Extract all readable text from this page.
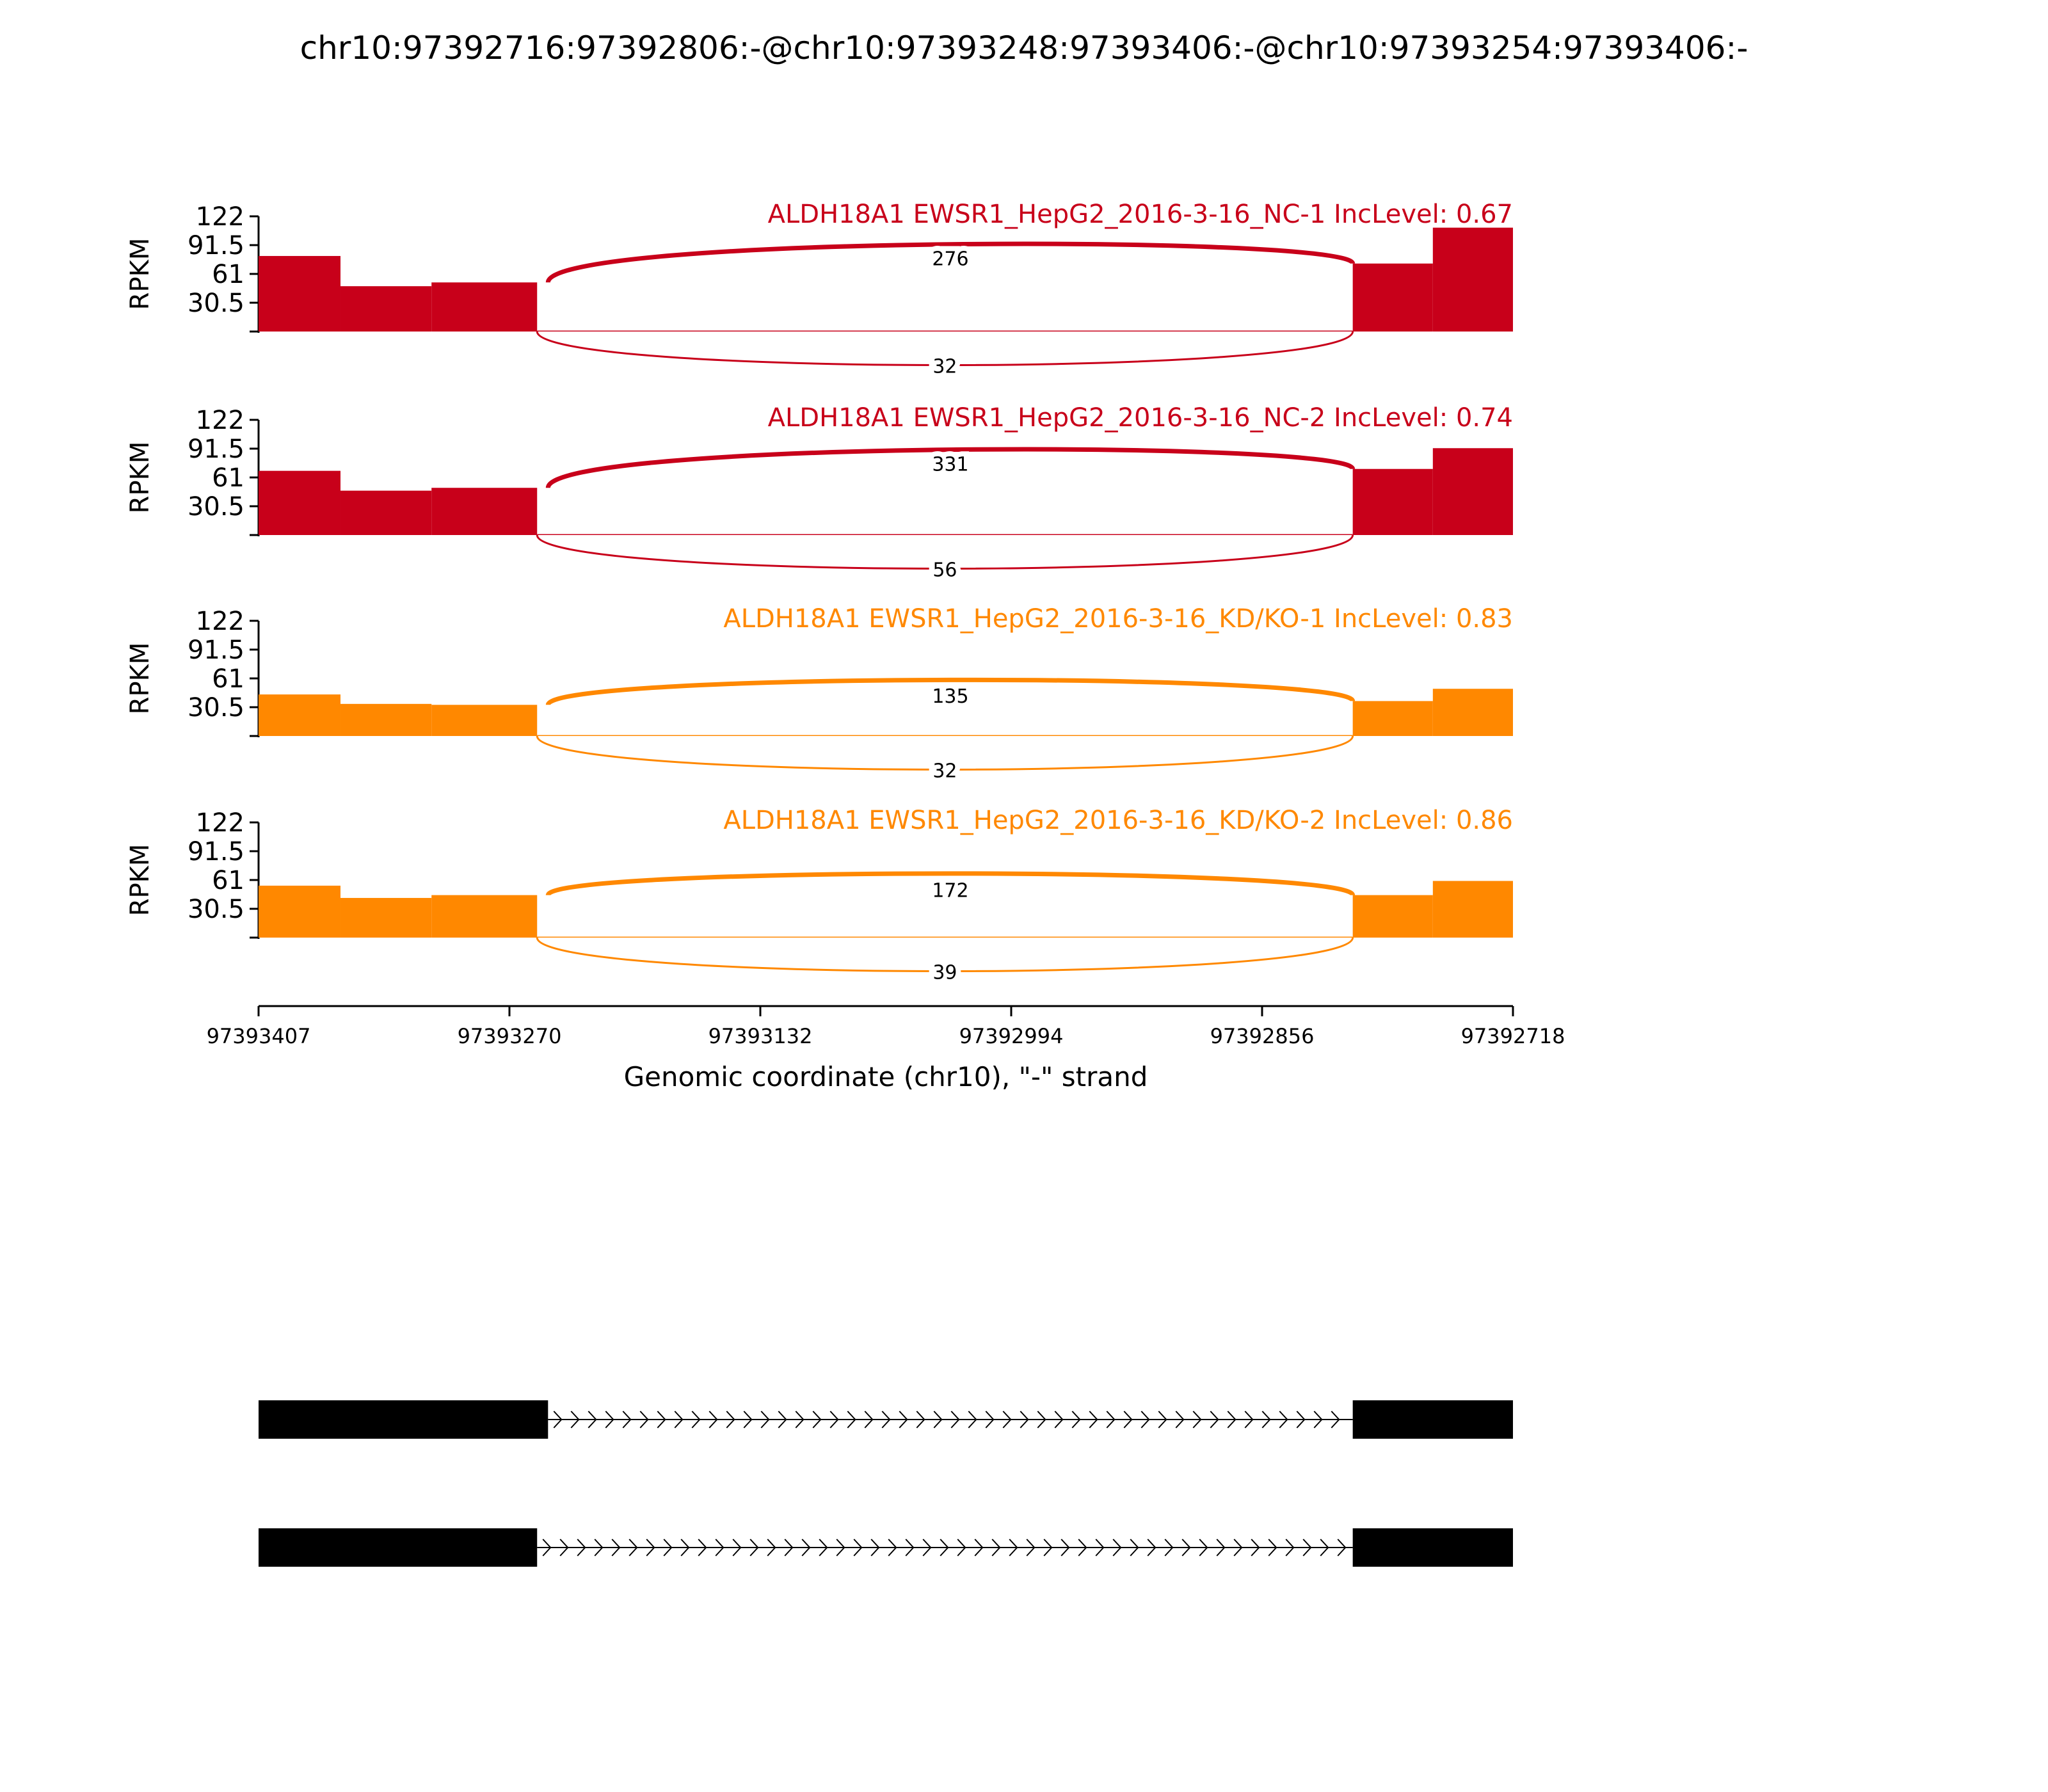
chr10:97392716:97392806:-@chr10:97393248:97393406:-@chr10:97393254:97393406:-
122
91.5
61
30.5
RPKM	276
32
ALDH18A1 EWSR1_HepG2_2016-3-16_NC-1 IncLevel: 0.67
122
91.5
61
30.5
RPKM	331
56
ALDH18A1 EWSR1_HepG2_2016-3-16_NC-2 IncLevel: 0.74
122
91.5
61
30.5
RPKM	135
32
ALDH18A1 EWSR1_HepG2_2016-3-16_KD/KO-1 IncLevel: 0.83
122
91.5
61
30.5
RPKM	172
39
ALDH18A1 EWSR1_HepG2_2016-3-16_KD/KO-2 IncLevel: 0.86
97393407	97393270	97393132	97392994	97392856	97392718
Genomic coordinate (chr10), "-" strand
